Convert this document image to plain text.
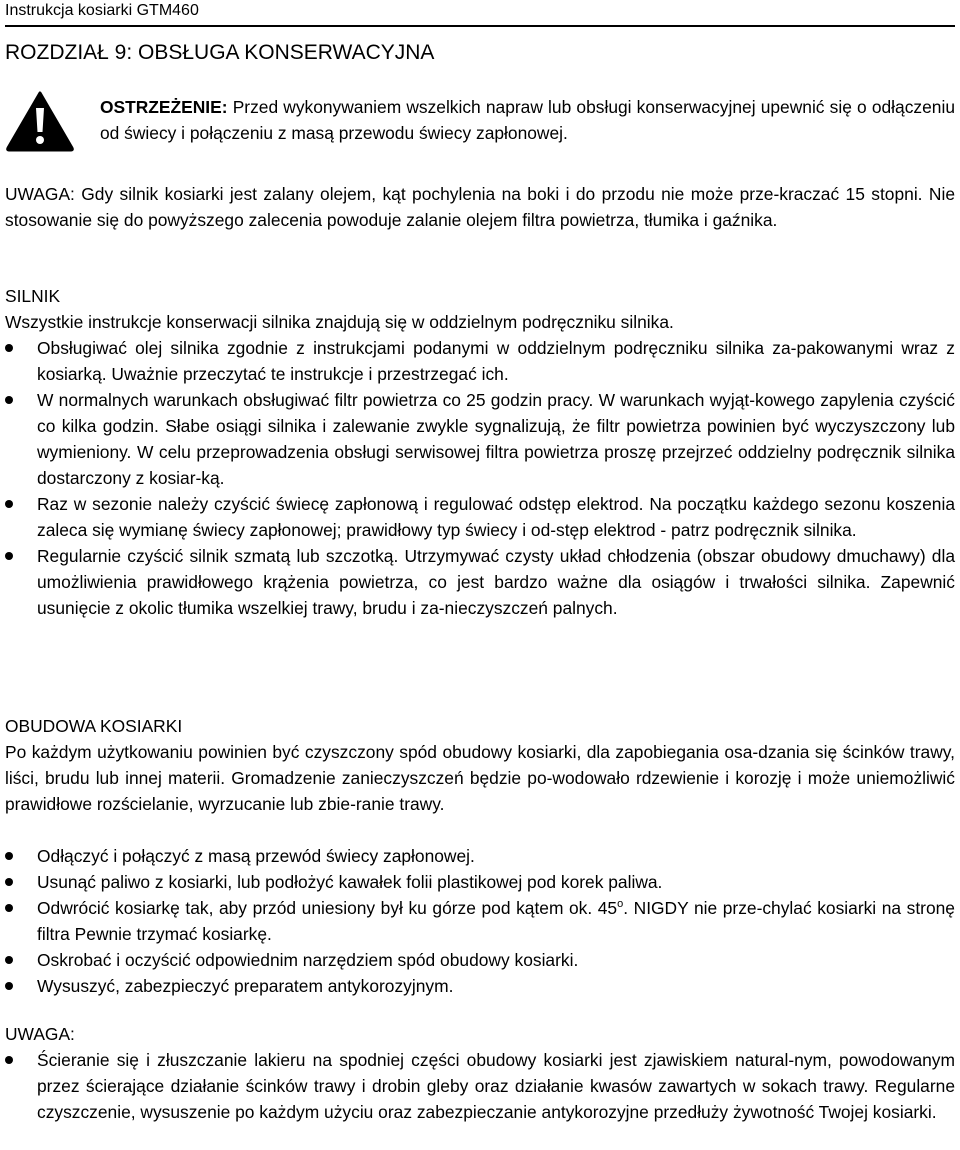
Instrukcja kosiarki GTM460
ROZDZIAŁ 9: OBSŁUGA KONSERWACYJNA
OSTRZEŻENIE: Przed wykonywaniem wszelkich napraw lub obsługi konserwacyjnej upewnić się o odłączeniu od świecy i połączeniu z masą przewodu świecy zapłonowej.
UWAGA: Gdy silnik kosiarki jest zalany olejem, kąt pochylenia na boki i do przodu nie może prze-kraczać 15 stopni. Nie stosowanie się do powyższego zalecenia powoduje zalanie olejem filtra powietrza, tłumika i gaźnika.
SILNIK
Wszystkie instrukcje konserwacji silnika znajdują się w oddzielnym podręczniku silnika.
Obsługiwać olej silnika zgodnie z instrukcjami podanymi w oddzielnym podręczniku silnika za-pakowanymi wraz z kosiarką. Uważnie przeczytać te instrukcje i przestrzegać ich.
W normalnych warunkach obsługiwać filtr powietrza co 25 godzin pracy. W warunkach wyjąt-kowego zapylenia czyścić co kilka godzin. Słabe osiągi silnika i zalewanie zwykle sygnalizują, że filtr powietrza powinien być wyczyszczony lub wymieniony. W celu przeprowadzenia obsługi serwisowej filtra powietrza proszę przejrzeć oddzielny podręcznik silnika dostarczony z kosiar-ką.
Raz w sezonie należy czyścić świecę zapłonową i regulować odstęp elektrod. Na początku każdego sezonu koszenia zaleca się wymianę świecy zapłonowej; prawidłowy typ świecy i od-stęp elektrod - patrz podręcznik silnika.
Regularnie czyścić silnik szmatą lub szczotką. Utrzymywać czysty układ chłodzenia (obszar obudowy dmuchawy) dla umożliwienia prawidłowego krążenia powietrza, co jest bardzo ważne dla osiągów i trwałości silnika. Zapewnić usunięcie z okolic tłumika wszelkiej trawy, brudu i za-nieczyszczeń palnych.
OBUDOWA KOSIARKI
Po każdym użytkowaniu powinien być czyszczony spód obudowy kosiarki, dla zapobiegania osa-dzania się ścinków trawy, liści, brudu lub innej materii. Gromadzenie zanieczyszczeń będzie po-wodowało rdzewienie i korozję i może uniemożliwić prawidłowe rozścielanie, wyrzucanie lub zbie-ranie trawy.
Odłączyć i połączyć z masą przewód świecy zapłonowej.
Usunąć paliwo z kosiarki, lub podłożyć kawałek folii plastikowej pod korek paliwa.
Odwrócić kosiarkę tak, aby przód uniesiony był ku górze pod kątem ok. 45$^o$. NIGDY nie prze-chylać kosiarki na stronę filtra Pewnie trzymać kosiarkę.
Oskrobać i oczyścić odpowiednim narzędziem spód obudowy kosiarki.
Wysuszyć, zabezpieczyć preparatem antykorozyjnym.
UWAGA:
Ścieranie się i złuszczanie lakieru na spodniej części obudowy kosiarki jest zjawiskiem natural-nym, powodowanym przez ścierające działanie ścinków trawy i drobin gleby oraz działanie kwasów zawartych w sokach trawy. Regularne czyszczenie, wysuszenie po każdym użyciu oraz zabezpieczanie antykorozyjne przedłuży żywotność Twojej kosiarki.
